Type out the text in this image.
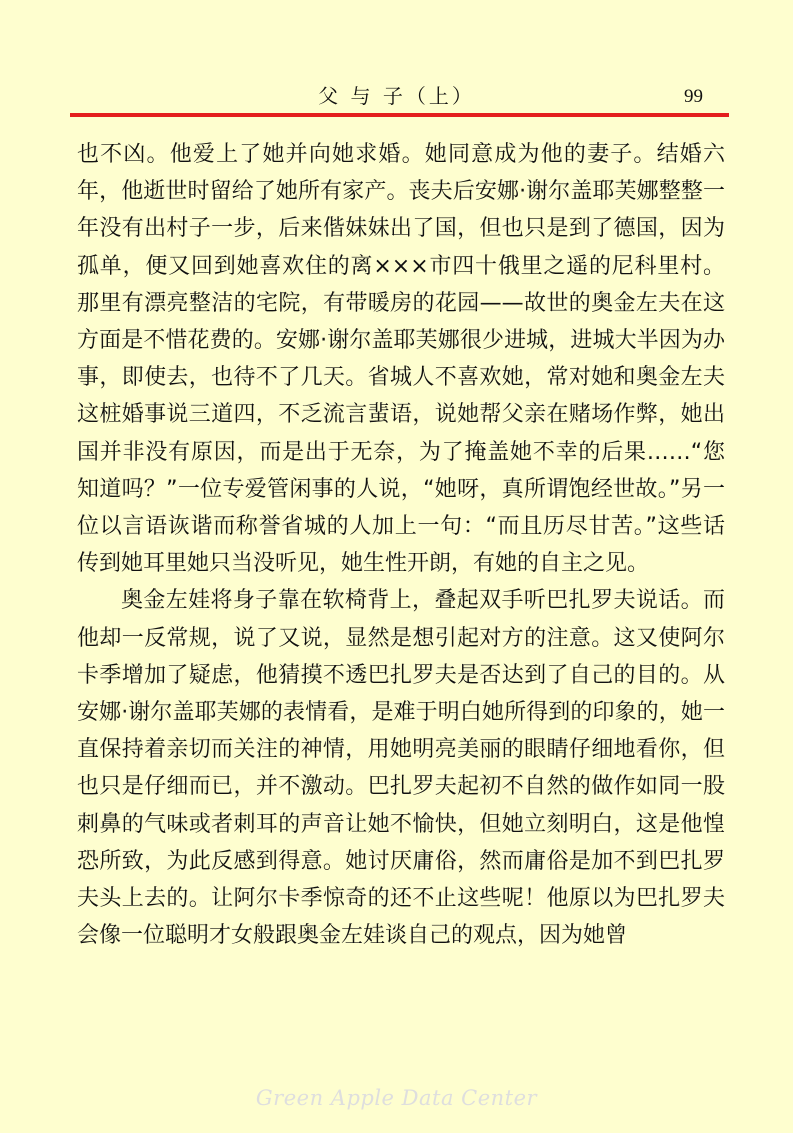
父 与 子（上）	99

也不凶。他爱上了她并向她求婚。她同意成为他的妻子。结婚六年，他逝世时留给了她所有家产。丧夫后安娜·谢尔盖耶芙娜整整一年没有出村子一步，后来偕妹妹出了国，但也只是到了德国，因为孤单，便又回到她喜欢住的离×××市四十俄里之遥的尼科里村。那里有漂亮整洁的宅院，有带暖房的花园——故世的奥金左夫在这方面是不惜花费的。安娜·谢尔盖耶芙娜很少进城，进城大半因为办事，即使去，也待不了几天。省城人不喜欢她，常对她和奥金左夫这桩婚事说三道四，不乏流言蜚语，说她帮父亲在赌场作弊，她出国并非没有原因，而是出于无奈，为了掩盖她不幸的后果……“您知道吗？”一位专爱管闲事的人说，“她呀，真所谓饱经世故。”另一位以言语诙谐而称誉省城的人加上一句：“而且历尽甘苦。”这些话传到她耳里她只当没听见，她生性开朗，有她的自主之见。

奥金左娃将身子靠在软椅背上，叠起双手听巴扎罗夫说话。而他却一反常规，说了又说，显然是想引起对方的注意。这又使阿尔卡季增加了疑虑，他猜摸不透巴扎罗夫是否达到了自己的目的。从安娜·谢尔盖耶芙娜的表情看，是难于明白她所得到的印象的，她一直保持着亲切而关注的神情，用她明亮美丽的眼睛仔细地看你，但也只是仔细而已，并不激动。巴扎罗夫起初不自然的做作如同一股刺鼻的气味或者刺耳的声音让她不愉快，但她立刻明白，这是他惶恐所致，为此反感到得意。她讨厌庸俗，然而庸俗是加不到巴扎罗夫头上去的。让阿尔卡季惊奇的还不止这些呢！他原以为巴扎罗夫会像一位聪明才女般跟奥金左娃谈自己的观点，因为她曾

Green Apple Data Center
